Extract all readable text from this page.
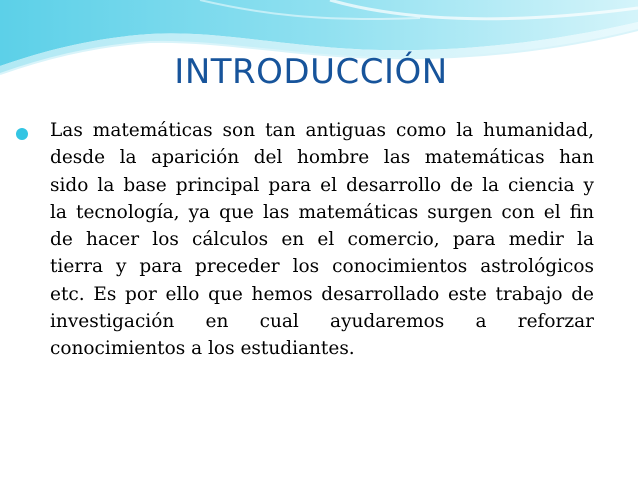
INTRODUCCIÓN
Las matemáticas son tan antiguas como la humanidad,
desde la aparición del hombre las matemáticas han
sido la base principal para el desarrollo de la ciencia y
la tecnología, ya que las matemáticas surgen con el fin
de hacer los cálculos en el comercio, para medir la
tierra y para preceder los conocimientos astrológicos
etc. Es por ello que hemos desarrollado este trabajo de
investigación en cual ayudaremos a reforzar
conocimientos a los estudiantes.
